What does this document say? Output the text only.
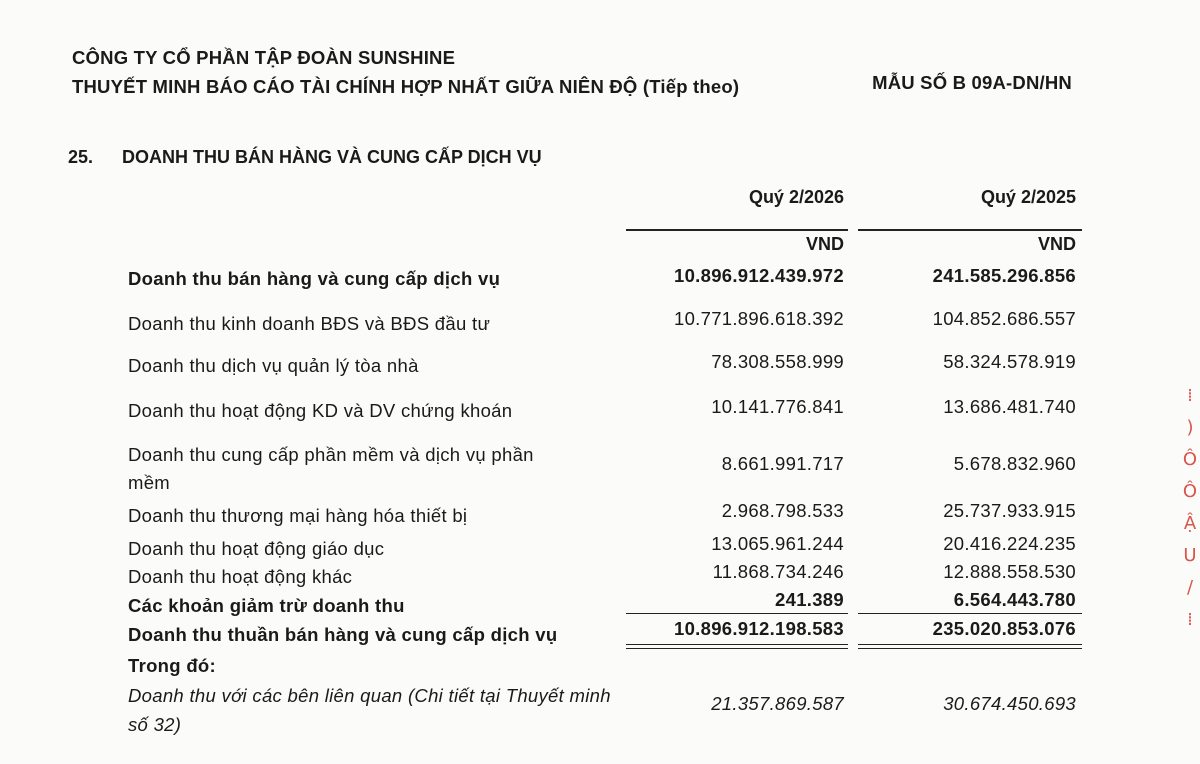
CÔNG TY CỔ PHẦN TẬP ĐOÀN SUNSHINE
THUYẾT MINH BÁO CÁO TÀI CHÍNH HỢP NHẤT GIỮA NIÊN ĐỘ (Tiếp theo)	MẪU SỐ B 09A-DN/HN
25. DOANH THU BÁN HÀNG VÀ CUNG CẤP DỊCH VỤ
Quý 2/2026	Quý 2/2025
VND	VND
Doanh thu bán hàng và cung cấp dịch vụ	10.896.912.439.972	241.585.296.856
Doanh thu kinh doanh BĐS và BĐS đầu tư	10.771.896.618.392	104.852.686.557
Doanh thu dịch vụ quản lý tòa nhà	78.308.558.999	58.324.578.919
Doanh thu hoạt động KD và DV chứng khoán	10.141.776.841	13.686.481.740
Doanh thu cung cấp phần mềm và dịch vụ phần mềm
8.661.991.717	5.678.832.960
Doanh thu thương mại hàng hóa thiết bị	2.968.798.533	25.737.933.915
Doanh thu hoạt động giáo dục	13.065.961.244	20.416.224.235
Doanh thu hoạt động khác	11.868.734.246	12.888.558.530
Các khoản giảm trừ doanh thu	241.389	6.564.443.780
Doanh thu thuần bán hàng và cung cấp dịch vụ	10.896.912.198.583	235.020.853.076
Trong đó:
Doanh thu với các bên liên quan (Chi tiết tại Thuyết minh số 32)
21.357.869.587	30.674.450.693
⁞
)
Ô
Ô
Ậ
U
/
⁞
